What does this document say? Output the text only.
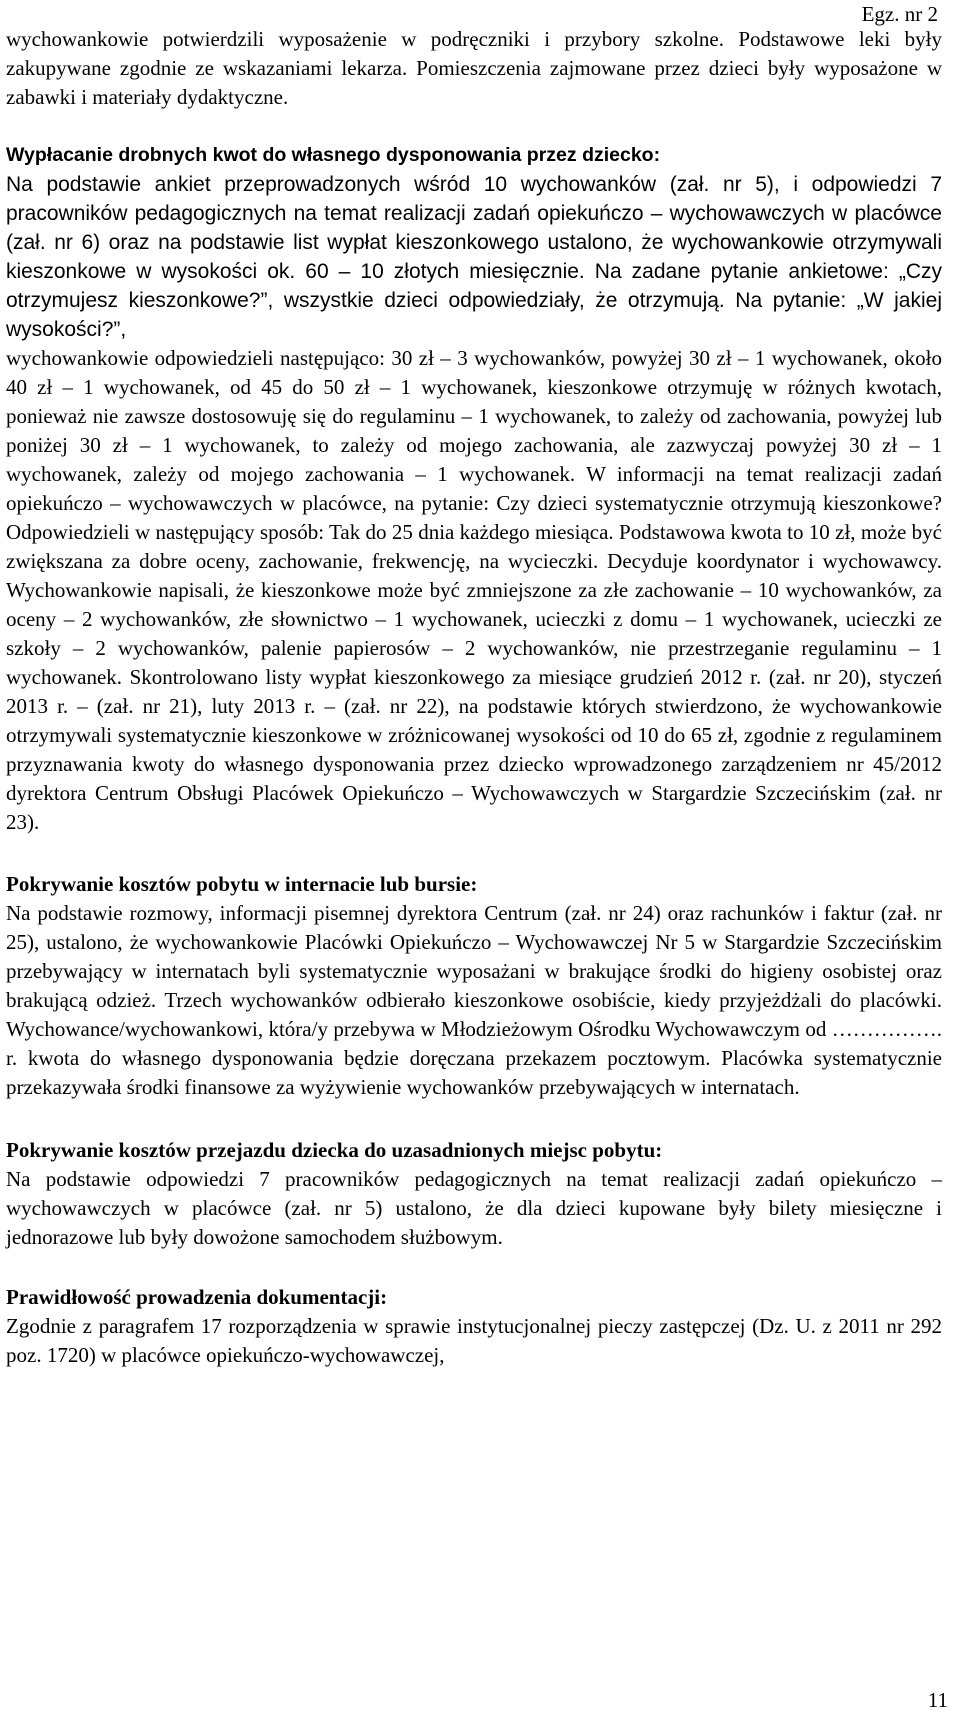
Egz. nr 2

wychowankowie potwierdzili wyposażenie w podręczniki i przybory szkolne. Podstawowe leki były zakupywane zgodnie ze wskazaniami lekarza. Pomieszczenia zajmowane przez dzieci były wyposażone w zabawki i materiały dydaktyczne.

Wypłacanie drobnych kwot do własnego dysponowania przez dziecko:

Na podstawie ankiet przeprowadzonych wśród 10 wychowanków (zał. nr 5), i odpowiedzi 7 pracowników pedagogicznych na temat realizacji zadań opiekuńczo – wychowawczych w placówce (zał. nr 6) oraz na podstawie list wypłat kieszonkowego ustalono, że wychowankowie otrzymywali kieszonkowe w wysokości ok. 60 – 10 złotych miesięcznie. Na zadane pytanie ankietowe: „Czy otrzymujesz kieszonkowe?”, wszystkie dzieci odpowiedziały, że otrzymują. Na pytanie: „W jakiej wysokości?”,

wychowankowie odpowiedzieli następująco: 30 zł – 3 wychowanków, powyżej 30 zł – 1 wychowanek, około 40 zł – 1 wychowanek, od 45 do 50 zł – 1 wychowanek, kieszonkowe otrzymuję w różnych kwotach, ponieważ nie zawsze dostosowuję się do regulaminu – 1 wychowanek, to zależy od zachowania, powyżej lub poniżej 30 zł – 1 wychowanek, to zależy od mojego zachowania, ale zazwyczaj powyżej 30 zł – 1 wychowanek, zależy od mojego zachowania – 1 wychowanek. W informacji na temat realizacji zadań opiekuńczo – wychowawczych w placówce, na pytanie: Czy dzieci systematycznie otrzymują kieszonkowe? Odpowiedzieli w następujący sposób: Tak do 25 dnia każdego miesiąca. Podstawowa kwota to 10 zł, może być zwiększana za dobre oceny, zachowanie, frekwencję, na wycieczki. Decyduje koordynator i wychowawcy. Wychowankowie napisali, że kieszonkowe może być zmniejszone za złe zachowanie – 10 wychowanków, za oceny – 2 wychowanków, złe słownictwo – 1 wychowanek, ucieczki z domu – 1 wychowanek, ucieczki ze szkoły – 2 wychowanków, palenie papierosów – 2 wychowanków, nie przestrzeganie regulaminu – 1 wychowanek. Skontrolowano listy wypłat kieszonkowego za miesiące grudzień 2012 r. (zał. nr 20), styczeń 2013 r. – (zał. nr 21), luty 2013 r. – (zał. nr 22), na podstawie których stwierdzono, że wychowankowie otrzymywali systematycznie kieszonkowe w zróżnicowanej wysokości od 10 do 65 zł, zgodnie z regulaminem przyznawania kwoty do własnego dysponowania przez dziecko wprowadzonego zarządzeniem nr 45/2012 dyrektora Centrum Obsługi Placówek Opiekuńczo – Wychowawczych w Stargardzie Szczecińskim (zał. nr 23).

Pokrywanie kosztów pobytu w internacie lub bursie:

Na podstawie rozmowy, informacji pisemnej dyrektora Centrum (zał. nr 24) oraz rachunków i faktur (zał. nr 25), ustalono, że wychowankowie Placówki Opiekuńczo – Wychowawczej Nr 5 w Stargardzie Szczecińskim przebywający w internatach byli systematycznie wyposażani w brakujące środki do higieny osobistej oraz brakującą odzież. Trzech wychowanków odbierało kieszonkowe osobiście, kiedy przyjeżdżali do placówki. Wychowance/wychowankowi, która/y przebywa w Młodzieżowym Ośrodku Wychowawczym od ……………. r. kwota do własnego dysponowania będzie doręczana przekazem pocztowym. Placówka systematycznie przekazywała środki finansowe za wyżywienie wychowanków przebywających w internatach.

Pokrywanie kosztów przejazdu dziecka do uzasadnionych miejsc pobytu:

Na podstawie odpowiedzi 7 pracowników pedagogicznych na temat realizacji zadań opiekuńczo – wychowawczych w placówce (zał. nr 5) ustalono, że dla dzieci kupowane były bilety miesięczne i jednorazowe lub były dowożone samochodem służbowym.

Prawidłowość prowadzenia dokumentacji:

Zgodnie z paragrafem 17 rozporządzenia w sprawie instytucjonalnej pieczy zastępczej (Dz. U. z 2011 nr 292 poz. 1720) w placówce opiekuńczo-wychowawczej,

11
